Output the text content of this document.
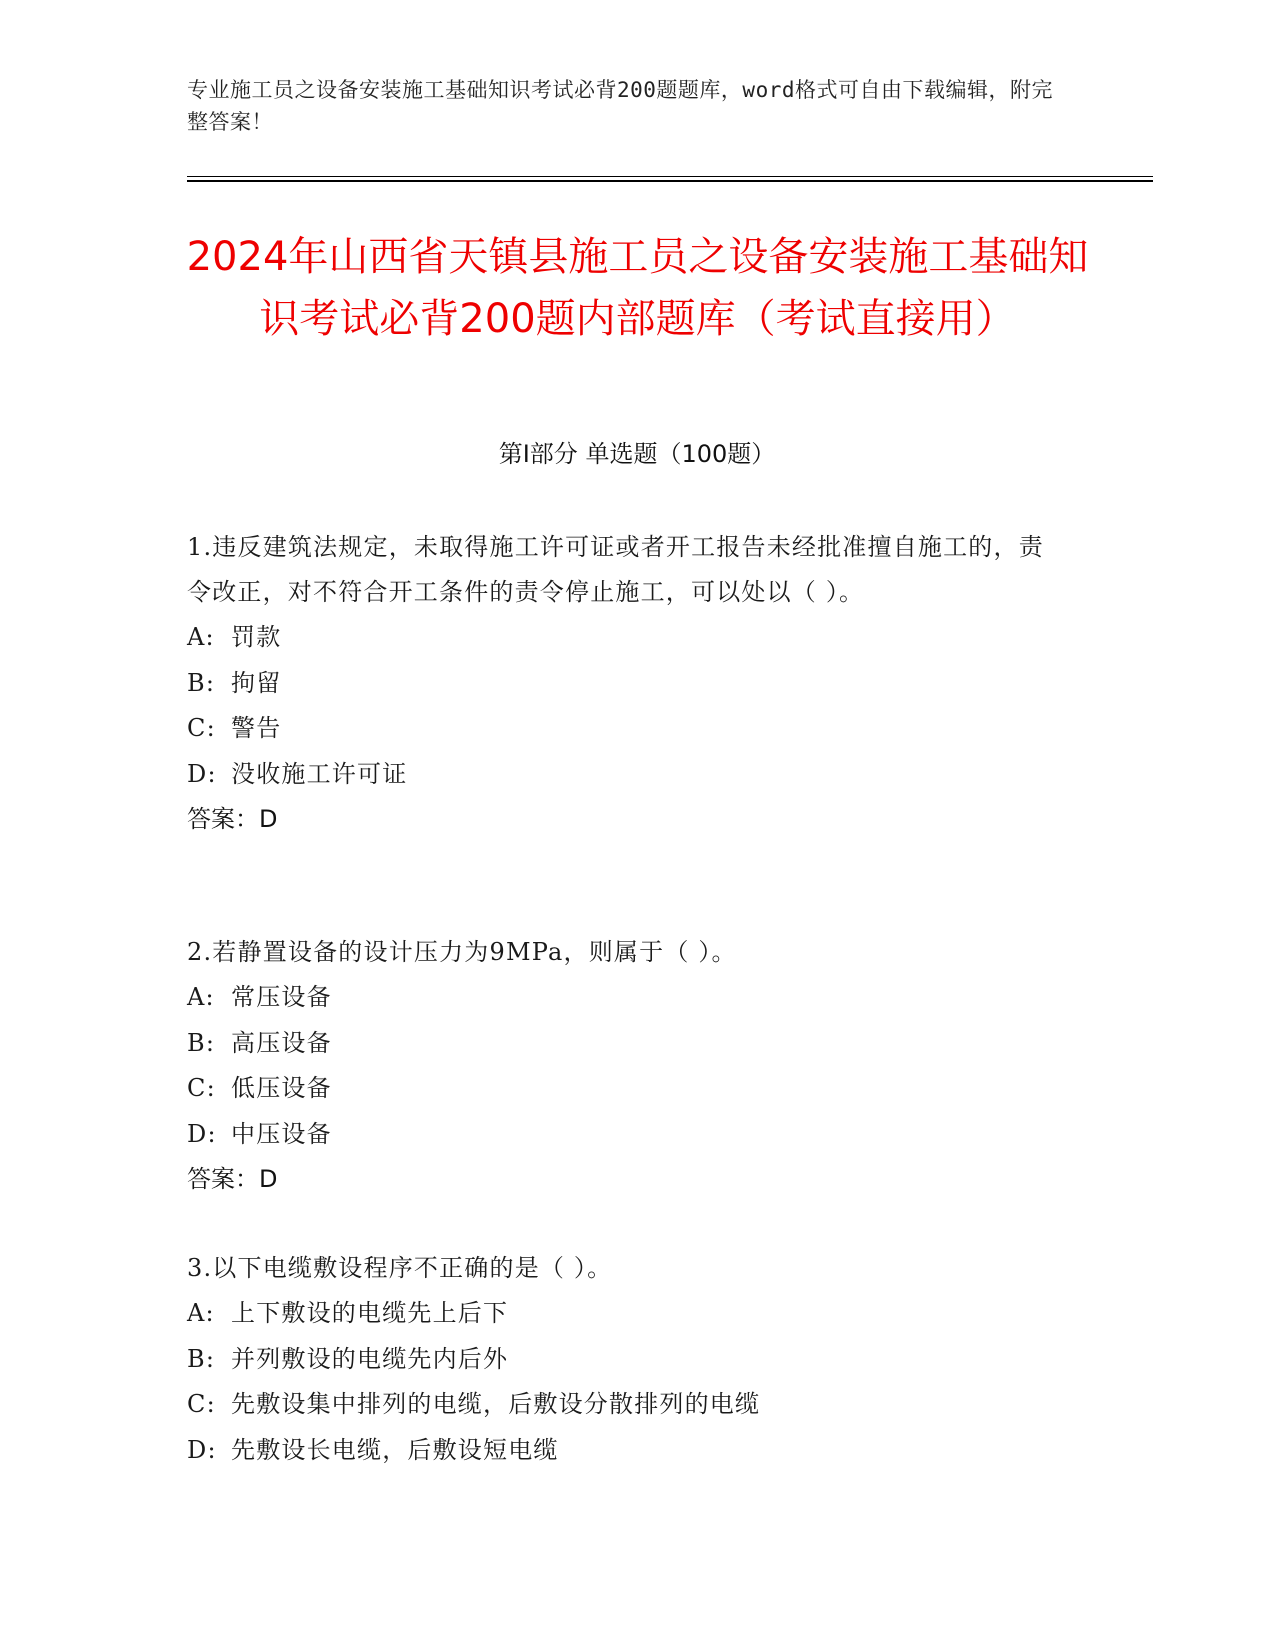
专业施工员之设备安装施工基础知识考试必背200题题库，word格式可自由下载编辑，附完整答案！
2024年山西省天镇县施工员之设备安装施工基础知识考试必背200题内部题库（考试直接用）
第I部分 单选题（100题）
1.违反建筑法规定，未取得施工许可证或者开工报告未经批准擅自施工的，责令改正，对不符合开工条件的责令停止施工，可以处以（ ）。
A: 罚款
B: 拘留
C: 警告
D: 没收施工许可证
答案：D
2.若静置设备的设计压力为9MPa，则属于（ ）。
A: 常压设备
B: 高压设备
C: 低压设备
D: 中压设备
答案：D
3.以下电缆敷设程序不正确的是（ ）。
A: 上下敷设的电缆先上后下
B: 并列敷设的电缆先内后外
C: 先敷设集中排列的电缆，后敷设分散排列的电缆
D: 先敷设长电缆，后敷设短电缆
